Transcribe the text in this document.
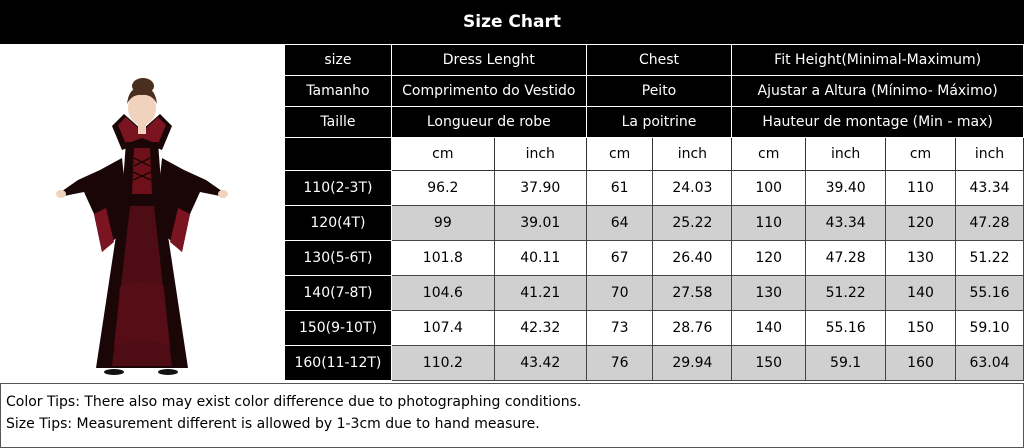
Size Chart
size	Dress Lenght		Chest		Fit Height(Minimal-Maximum)			
Tamanho	Comprimento do Vestido		Peito		Ajustar a Altura (Mínimo- Máximo)			
Taille	Longueur de robe		La poitrine		Hauteur de montage (Min - max)			
	cm	inch	cm	inch	cm	inch	cm	inch
110(2-3T)	96.2	37.90	61	24.03	100	39.40	110	43.34
120(4T)	99	39.01	64	25.22	110	43.34	120	47.28
130(5-6T)	101.8	40.11	67	26.40	120	47.28	130	51.22
140(7-8T)	104.6	41.21	70	27.58	130	51.22	140	55.16
150(9-10T)	107.4	42.32	73	28.76	140	55.16	150	59.10
160(11-12T)	110.2	43.42	76	29.94	150	59.1	160	63.04
Color Tips: There also may exist color difference due to photographing conditions.
Size Tips: Measurement different is allowed by 1-3cm due to hand measure.
